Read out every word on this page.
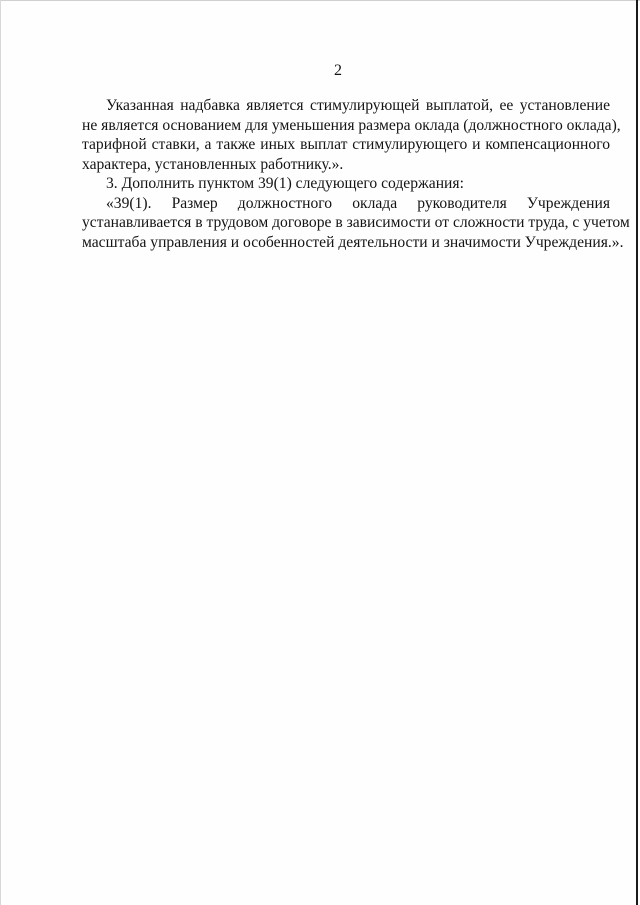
2
Указанная надбавка является стимулирующей выплатой, ее установление
не является основанием для уменьшения размера оклада (должностного оклада),
тарифной ставки, а также иных выплат стимулирующего и компенсационного
характера, установленных работнику.».
3. Дополнить пунктом 39(1) следующего содержания:
«39(1). Размер должностного оклада руководителя Учреждения
устанавливается в трудовом договоре в зависимости от сложности труда, с учетом
масштаба управления и особенностей деятельности и значимости Учреждения.».
